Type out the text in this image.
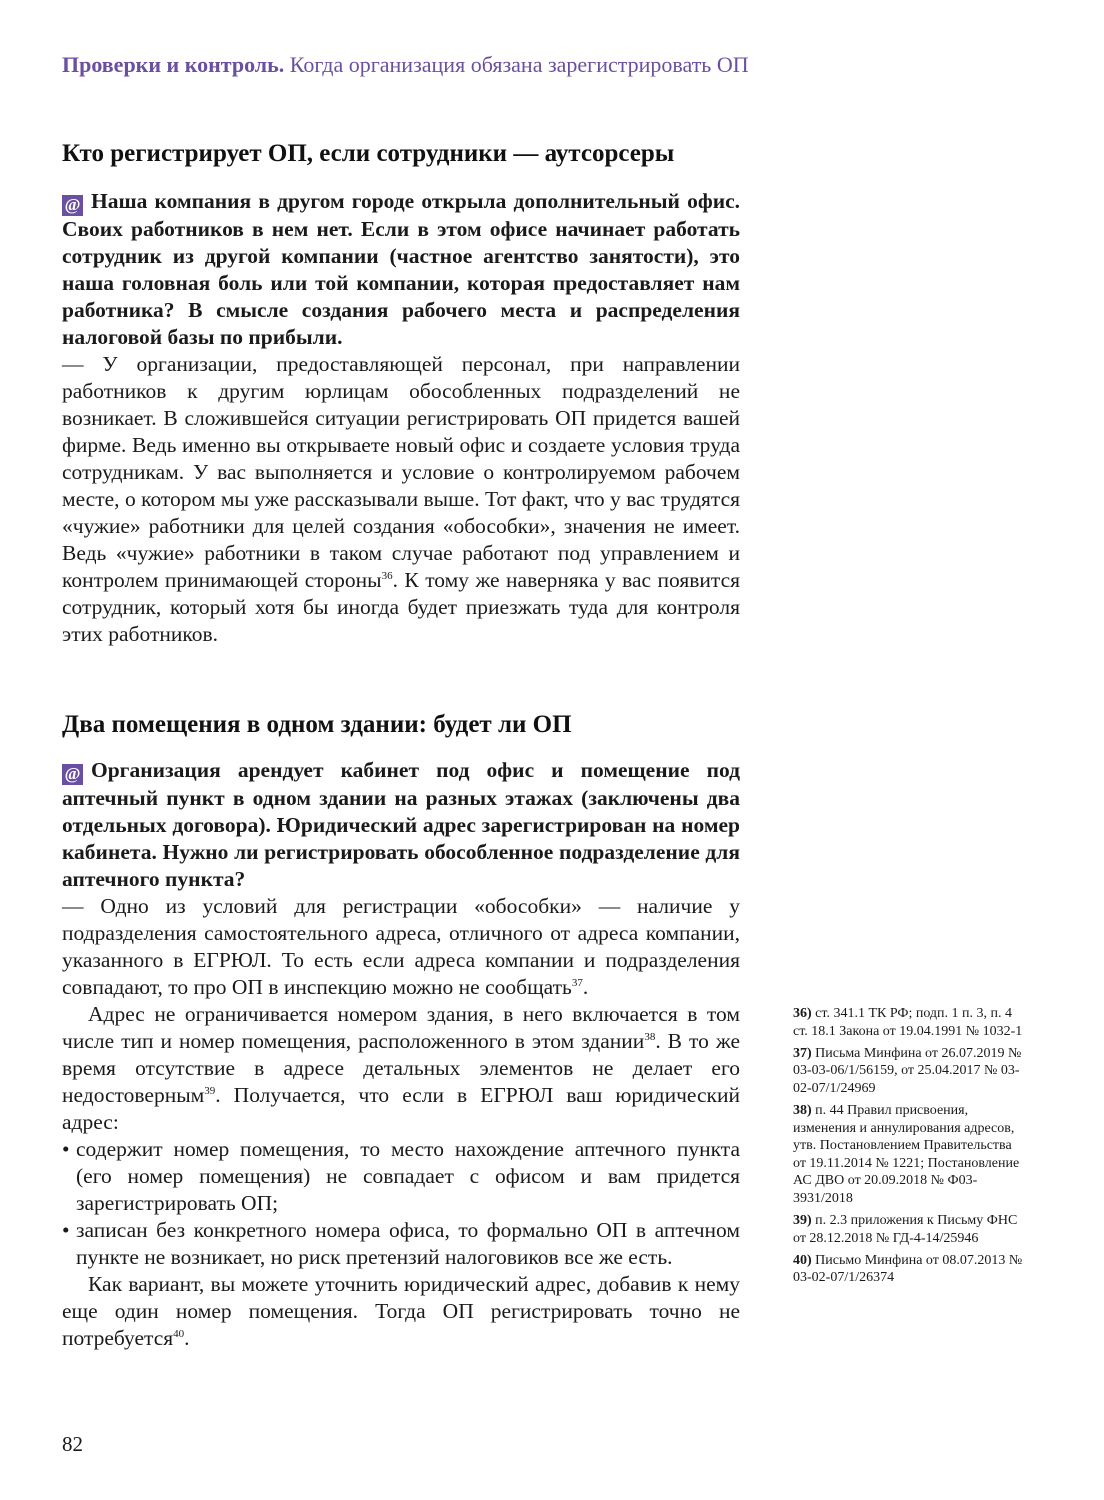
Проверки и контроль. Когда организация обязана зарегистрировать ОП
Кто регистрирует ОП, если сотрудники — аутсорсеры

@ Наша компания в другом городе открыла дополнительный офис. Своих работников в нем нет. Если в этом офисе начинает работать сотрудник из другой компании (частное агентство занятости), это наша головная боль или той компании, которая предоставляет нам работника? В смысле создания рабочего места и распределения налоговой базы по прибыли.

— У организации, предоставляющей персонал, при направлении работников к другим юрлицам обособленных подразделений не возникает. В сложившейся ситуации регистрировать ОП придется вашей фирме. Ведь именно вы открываете новый офис и создаете условия труда сотрудникам. У вас выполняется и условие о контролируемом рабочем месте, о котором мы уже рассказывали выше. Тот факт, что у вас трудятся «чужие» работники для целей создания «обособки», значения не имеет. Ведь «чужие» работники в таком случае работают под управлением и контролем принимающей стороны$^{36}$. К тому же наверняка у вас появится сотрудник, который хотя бы иногда будет приезжать туда для контроля этих работников.

Два помещения в одном здании: будет ли ОП

@ Организация арендует кабинет под офис и помещение под аптечный пункт в одном здании на разных этажах (заключены два отдельных договора). Юридический адрес зарегистрирован на номер кабинета. Нужно ли регистрировать обособленное подразделение для аптечного пункта?

— Одно из условий для регистрации «обособки» — наличие у подразделения самостоятельного адреса, отличного от адреса компании, указанного в ЕГРЮЛ. То есть если адреса компании и подразделения совпадают, то про ОП в инспекцию можно не сообщать$^{37}$.

Адрес не ограничивается номером здания, в него включается в том числе тип и номер помещения, расположенного в этом здании$^{38}$. В то же время отсутствие в адресе детальных элементов не делает его недостоверным$^{39}$. Получается, что если в ЕГРЮЛ ваш юридический адрес:

• содержит номер помещения, то место нахождение аптечного пункта (его номер помещения) не совпадает с офисом и вам придется зарегистрировать ОП;
• записан без конкретного номера офиса, то формально ОП в аптечном пункте не возникает, но риск претензий налоговиков все же есть.

Как вариант, вы можете уточнить юридический адрес, добавив к нему еще один номер помещения. Тогда ОП регистрировать точно не потребуется$^{40}$.

36) ст. 341.1 ТК РФ; подп. 1 п. 3, п. 4 ст. 18.1 Закона от 19.04.1991 № 1032-1
37) Письма Минфина от 26.07.2019 № 03-03-06/1/56159, от 25.04.2017 № 03-02-07/1/24969
38) п. 44 Правил присвоения, изменения и аннулирования адресов, утв. Постановлением Правительства от 19.11.2014 № 1221; Постановление АС ДВО от 20.09.2018 № Ф03-3931/2018
39) п. 2.3 приложения к Письму ФНС от 28.12.2018 № ГД-4-14/25946
40) Письмо Минфина от 08.07.2013 № 03-02-07/1/26374
82
